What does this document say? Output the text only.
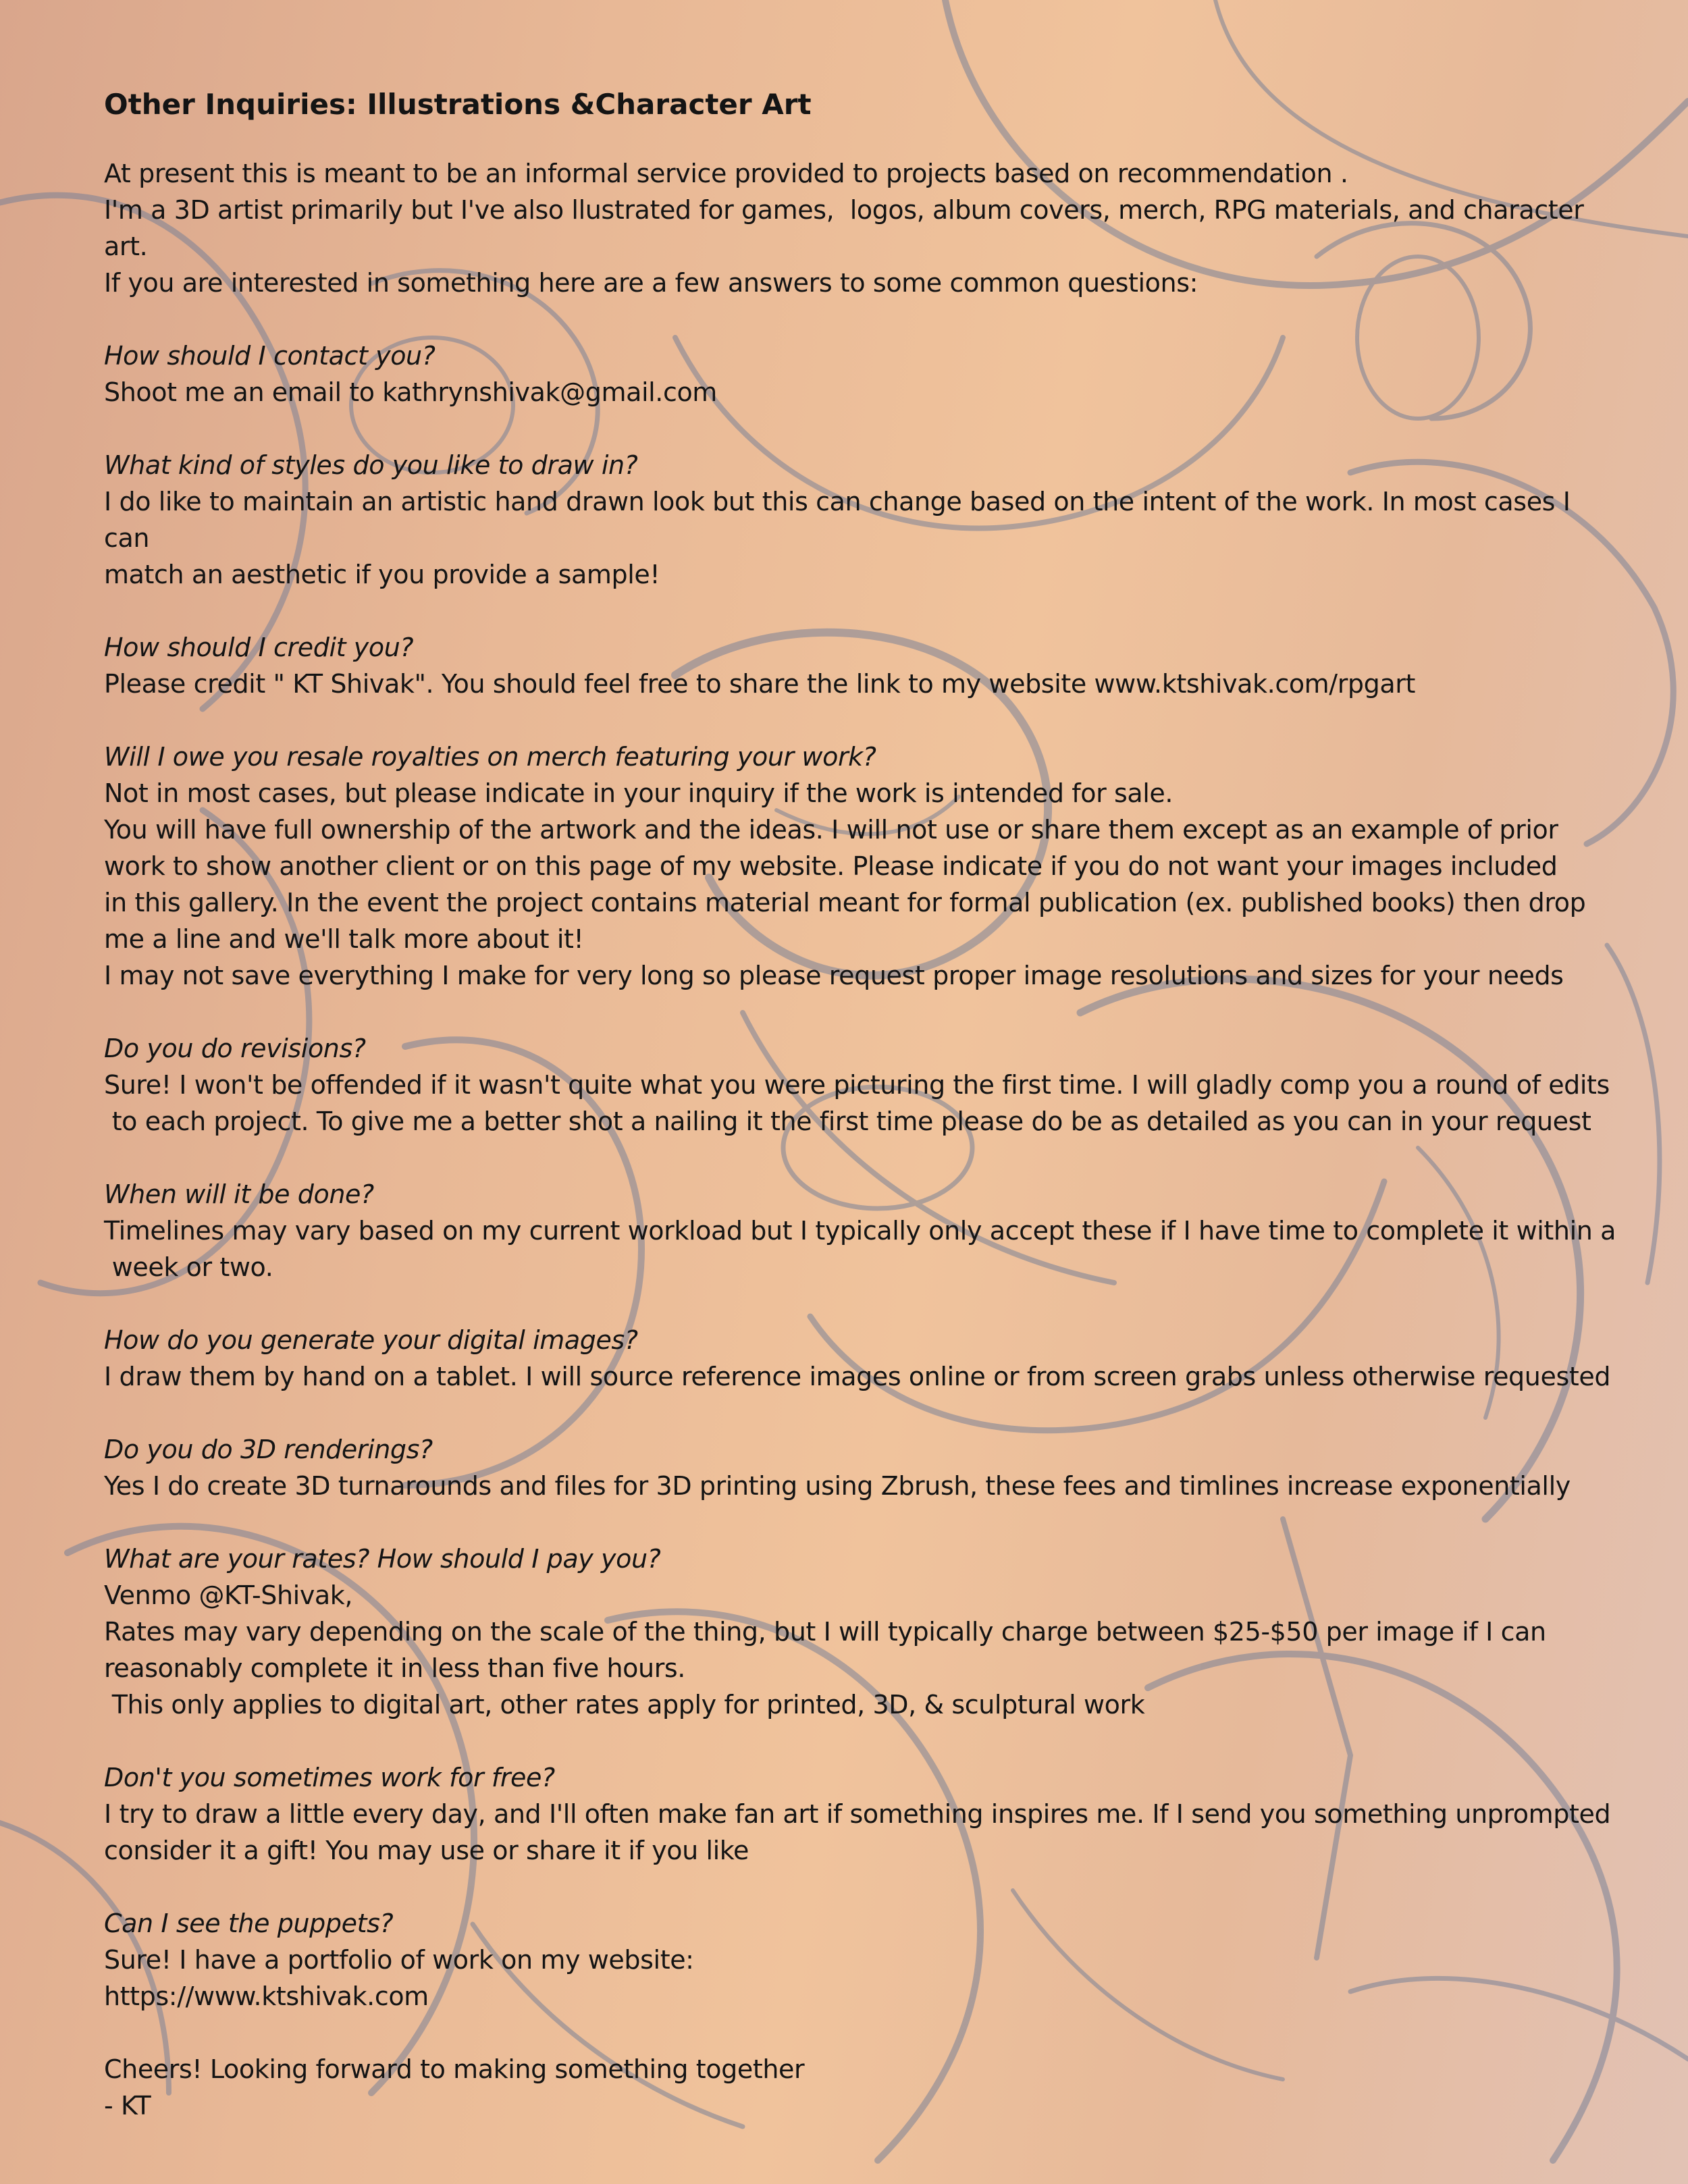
Other Inquiries: Illustrations &Character Art

At present this is meant to be an informal service provided to projects based on recommendation .

I'm a 3D artist primarily but I've also llustrated for games,  logos, album covers, merch, RPG materials, and character art.

If you are interested in something here are a few answers to some common questions:

How should I contact you?

Shoot me an email to kathrynshivak@gmail.com

What kind of styles do you like to draw in?

I do like to maintain an artistic hand drawn look but this can change based on the intent of the work. In most cases I can

match an aesthetic if you provide a sample!

How should I credit you?

Please credit " KT Shivak". You should feel free to share the link to my website www.ktshivak.com/rpgart

Will I owe you resale royalties on merch featuring your work?

Not in most cases, but please indicate in your inquiry if the work is intended for sale.

You will have full ownership of the artwork and the ideas. I will not use or share them except as an example of prior

work to show another client or on this page of my website. Please indicate if you do not want your images included

in this gallery. In the event the project contains material meant for formal publication (ex. published books) then drop

me a line and we'll talk more about it!

I may not save everything I make for very long so please request proper image resolutions and sizes for your needs

Do you do revisions?

Sure! I won't be offended if it wasn't quite what you were picturing the first time. I will gladly comp you a round of edits

to each project. To give me a better shot a nailing it the first time please do be as detailed as you can in your request

When will it be done?

Timelines may vary based on my current workload but I typically only accept these if I have time to complete it within a

week or two.

How do you generate your digital images?

I draw them by hand on a tablet. I will source reference images online or from screen grabs unless otherwise requested

Do you do 3D renderings?

Yes I do create 3D turnarounds and files for 3D printing using Zbrush, these fees and timlines increase exponentially

What are your rates? How should I pay you?

Venmo @KT-Shivak,

Rates may vary depending on the scale of the thing, but I will typically charge between $25-$50 per image if I can

reasonably complete it in less than five hours.

This only applies to digital art, other rates apply for printed, 3D, & sculptural work

Don't you sometimes work for free?

I try to draw a little every day, and I'll often make fan art if something inspires me. If I send you something unprompted

consider it a gift! You may use or share it if you like

Can I see the puppets?

Sure! I have a portfolio of work on my website:

https://www.ktshivak.com

Cheers! Looking forward to making something together

- KT
